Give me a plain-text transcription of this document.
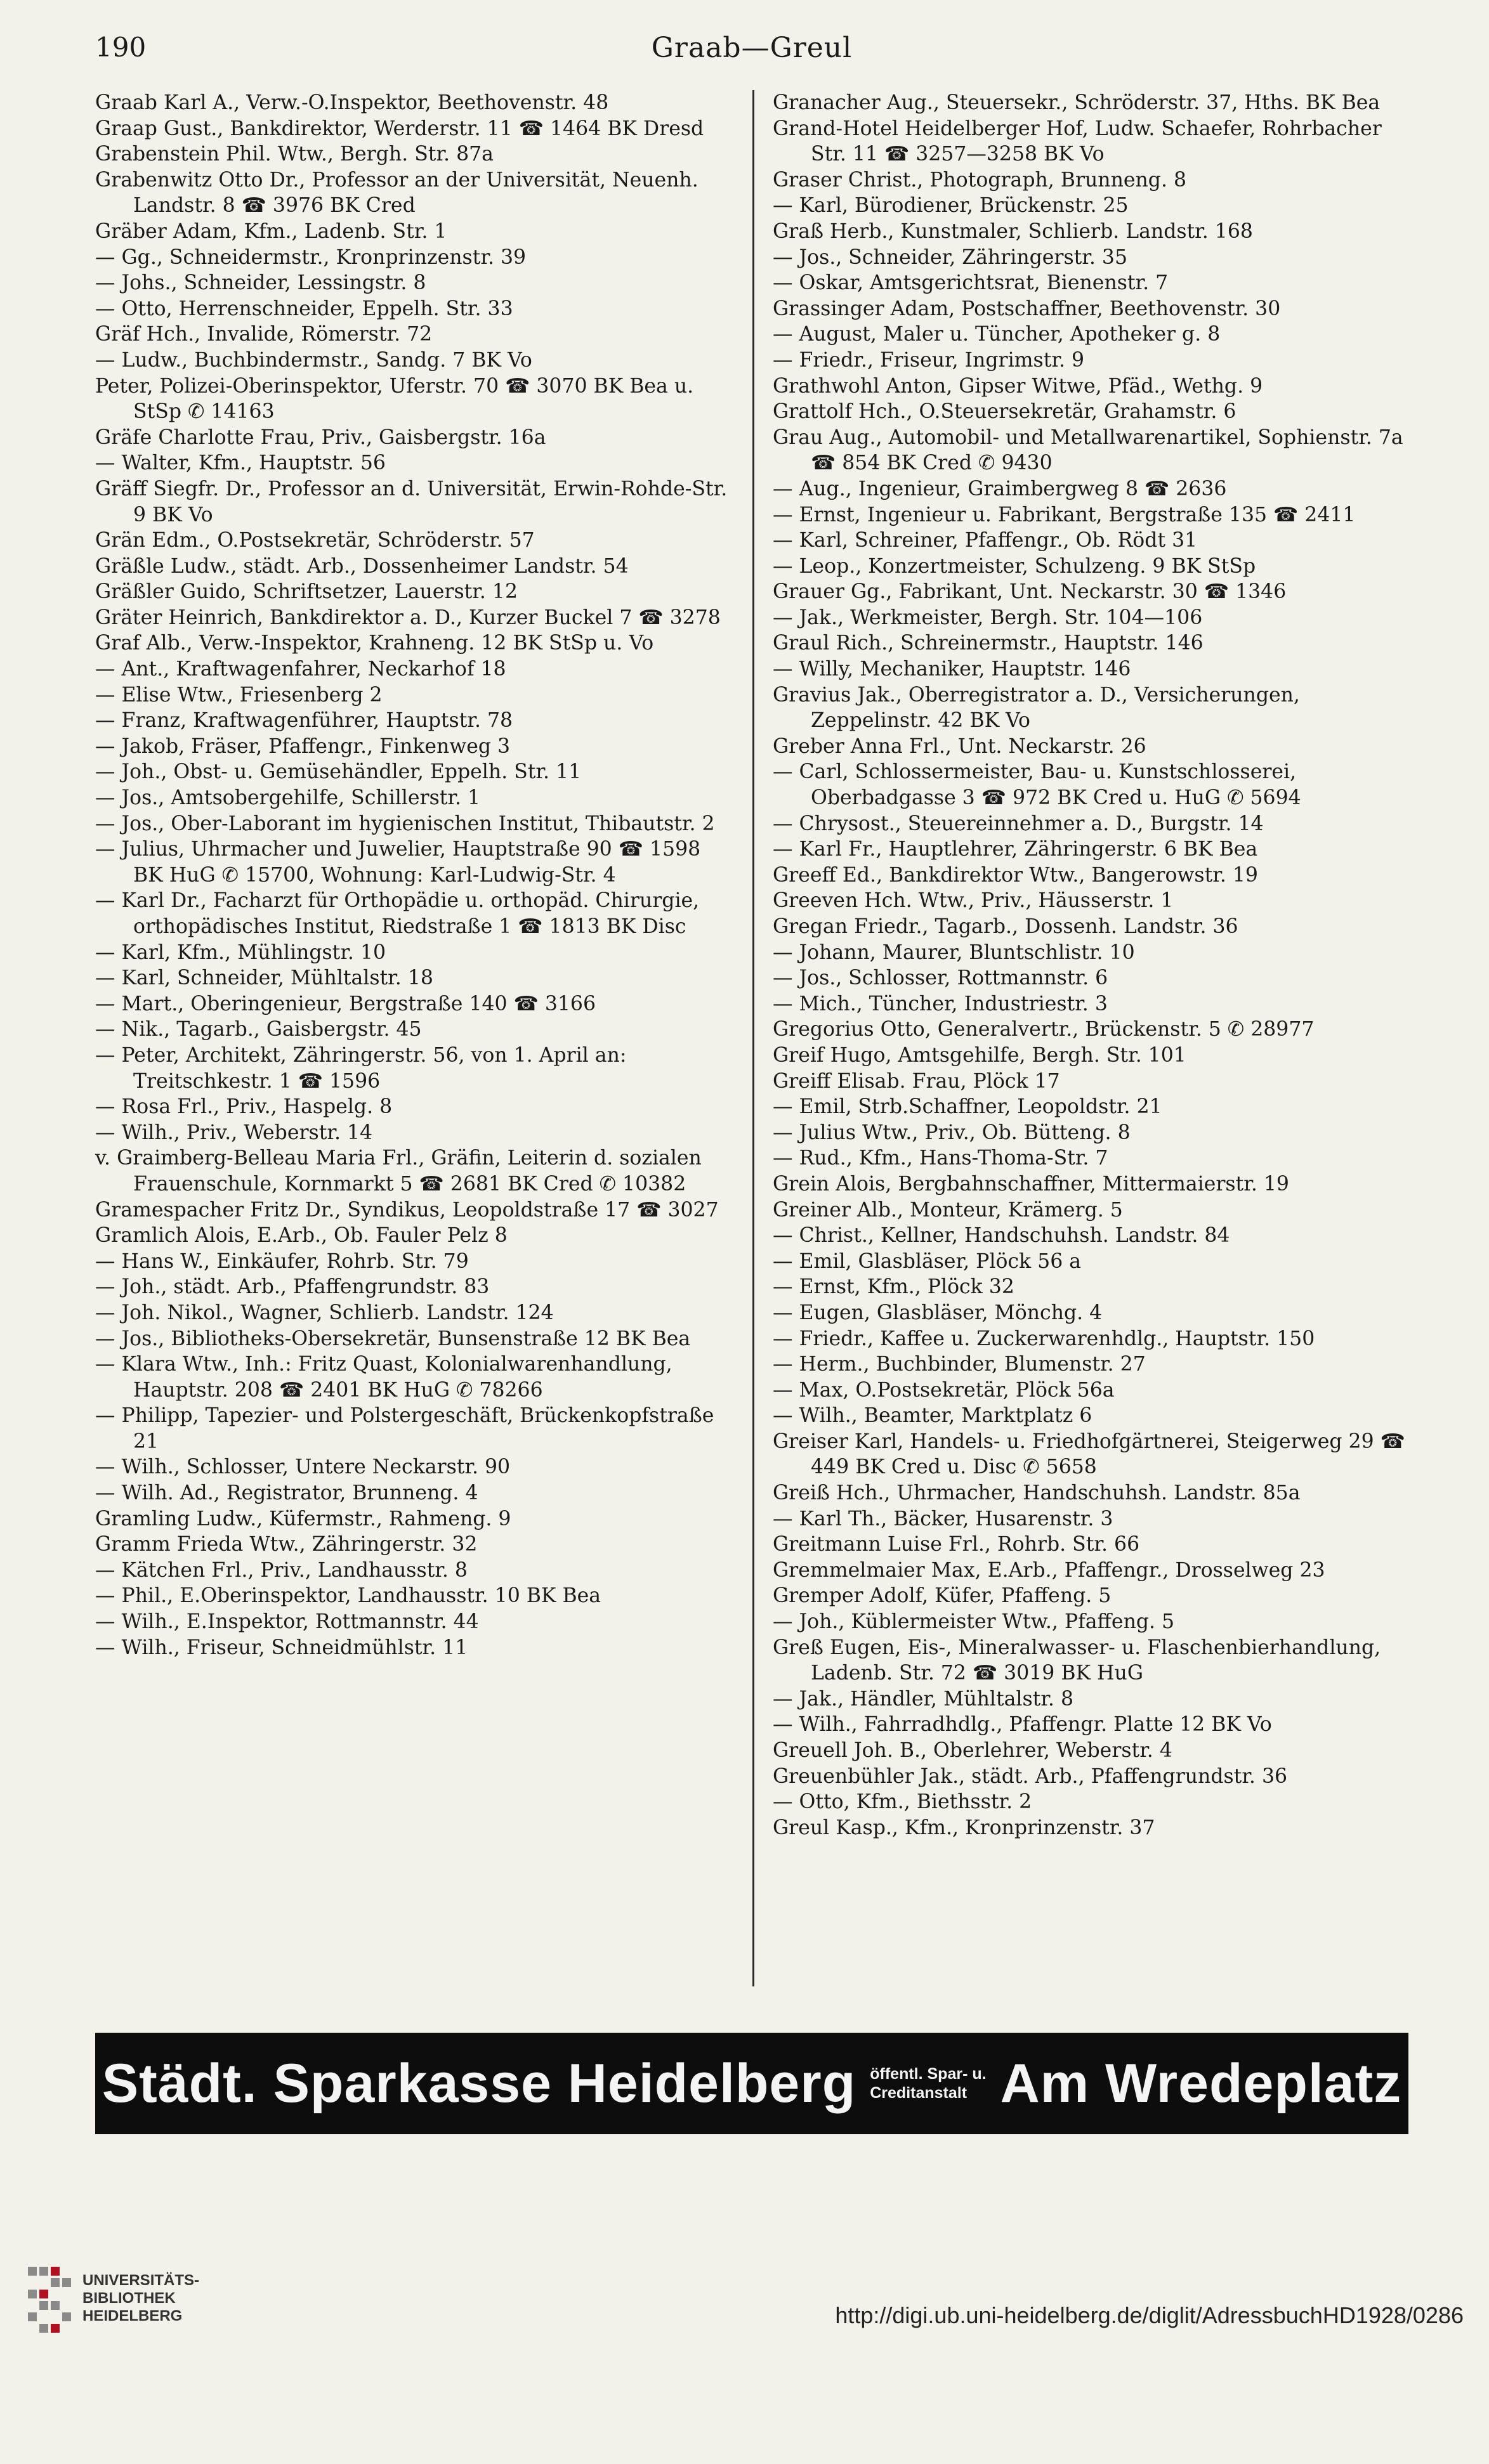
190	Graab—Greul
Graab Karl A., Verw.-O.Inspektor, Beethovenstr. 48
Graap Gust., Bankdirektor, Werderstr. 11 ☎ 1464 BK Dresd
Grabenstein Phil. Wtw., Bergh. Str. 87a
Grabenwitz Otto Dr., Professor an der Universität, Neuenh. Landstr. 8 ☎ 3976 BK Cred
Gräber Adam, Kfm., Ladenb. Str. 1
— Gg., Schneidermstr., Kronprinzenstr. 39
— Johs., Schneider, Lessingstr. 8
— Otto, Herrenschneider, Eppelh. Str. 33
Gräf Hch., Invalide, Römerstr. 72
— Ludw., Buchbindermstr., Sandg. 7 BK Vo
Peter, Polizei-Oberinspektor, Uferstr. 70 ☎ 3070 BK Bea u. StSp ✆ 14163
Gräfe Charlotte Frau, Priv., Gaisbergstr. 16a
— Walter, Kfm., Hauptstr. 56
Gräff Siegfr. Dr., Professor an d. Universität, Erwin-Rohde-Str. 9 BK Vo
Grän Edm., O.Postsekretär, Schröderstr. 57
Gräßle Ludw., städt. Arb., Dossenheimer Landstr. 54
Gräßler Guido, Schriftsetzer, Lauerstr. 12
Gräter Heinrich, Bankdirektor a. D., Kurzer Buckel 7 ☎ 3278
Graf Alb., Verw.-Inspektor, Krahneng. 12 BK StSp u. Vo
— Ant., Kraftwagenfahrer, Neckarhof 18
— Elise Wtw., Friesenberg 2
— Franz, Kraftwagenführer, Hauptstr. 78
— Jakob, Fräser, Pfaffengr., Finkenweg 3
— Joh., Obst- u. Gemüsehändler, Eppelh. Str. 11
— Jos., Amtsobergehilfe, Schillerstr. 1
— Jos., Ober-Laborant im hygienischen Institut, Thibautstr. 2
— Julius, Uhrmacher und Juwelier, Hauptstraße 90 ☎ 1598 BK HuG ✆ 15700, Wohnung: Karl-Ludwig-Str. 4
— Karl Dr., Facharzt für Orthopädie u. orthopäd. Chirurgie, orthopädisches Institut, Riedstraße 1 ☎ 1813 BK Disc
— Karl, Kfm., Mühlingstr. 10
— Karl, Schneider, Mühltalstr. 18
— Mart., Oberingenieur, Bergstraße 140 ☎ 3166
— Nik., Tagarb., Gaisbergstr. 45
— Peter, Architekt, Zähringerstr. 56, von 1. April an: Treitschkestr. 1 ☎ 1596
— Rosa Frl., Priv., Haspelg. 8
— Wilh., Priv., Weberstr. 14
v. Graimberg-Belleau Maria Frl., Gräfin, Leiterin d. sozialen Frauenschule, Kornmarkt 5 ☎ 2681 BK Cred ✆ 10382
Gramespacher Fritz Dr., Syndikus, Leopoldstraße 17 ☎ 3027
Gramlich Alois, E.Arb., Ob. Fauler Pelz 8
— Hans W., Einkäufer, Rohrb. Str. 79
— Joh., städt. Arb., Pfaffengrundstr. 83
— Joh. Nikol., Wagner, Schlierb. Landstr. 124
— Jos., Bibliotheks-Obersekretär, Bunsenstraße 12 BK Bea
— Klara Wtw., Inh.: Fritz Quast, Kolonialwarenhandlung, Hauptstr. 208 ☎ 2401 BK HuG ✆ 78266
— Philipp, Tapezier- und Polstergeschäft, Brückenkopfstraße 21
— Wilh., Schlosser, Untere Neckarstr. 90
— Wilh. Ad., Registrator, Brunneng. 4
Gramling Ludw., Küfermstr., Rahmeng. 9
Gramm Frieda Wtw., Zähringerstr. 32
— Kätchen Frl., Priv., Landhausstr. 8
— Phil., E.Oberinspektor, Landhausstr. 10 BK Bea
— Wilh., E.Inspektor, Rottmannstr. 44
— Wilh., Friseur, Schneidmühlstr. 11
Granacher Aug., Steuersekr., Schröderstr. 37, Hths. BK Bea
Grand-Hotel Heidelberger Hof, Ludw. Schaefer, Rohrbacher Str. 11 ☎ 3257—3258 BK Vo
Graser Christ., Photograph, Brunneng. 8
— Karl, Bürodiener, Brückenstr. 25
Graß Herb., Kunstmaler, Schlierb. Landstr. 168
— Jos., Schneider, Zähringerstr. 35
— Oskar, Amtsgerichtsrat, Bienenstr. 7
Grassinger Adam, Postschaffner, Beethovenstr. 30
— August, Maler u. Tüncher, Apotheker g. 8
— Friedr., Friseur, Ingrimstr. 9
Grathwohl Anton, Gipser Witwe, Pfäd., Wethg. 9
Grattolf Hch., O.Steuersekretär, Grahamstr. 6
Grau Aug., Automobil- und Metallwarenartikel, Sophienstr. 7a ☎ 854 BK Cred ✆ 9430
— Aug., Ingenieur, Graimbergweg 8 ☎ 2636
— Ernst, Ingenieur u. Fabrikant, Bergstraße 135 ☎ 2411
— Karl, Schreiner, Pfaffengr., Ob. Rödt 31
— Leop., Konzertmeister, Schulzeng. 9 BK StSp
Grauer Gg., Fabrikant, Unt. Neckarstr. 30 ☎ 1346
— Jak., Werkmeister, Bergh. Str. 104—106
Graul Rich., Schreinermstr., Hauptstr. 146
— Willy, Mechaniker, Hauptstr. 146
Gravius Jak., Oberregistrator a. D., Versicherungen, Zeppelinstr. 42 BK Vo
Greber Anna Frl., Unt. Neckarstr. 26
— Carl, Schlossermeister, Bau- u. Kunstschlosserei, Oberbadgasse 3 ☎ 972 BK Cred u. HuG ✆ 5694
— Chrysost., Steuereinnehmer a. D., Burgstr. 14
— Karl Fr., Hauptlehrer, Zähringerstr. 6 BK Bea
Greeff Ed., Bankdirektor Wtw., Bangerowstr. 19
Greeven Hch. Wtw., Priv., Häusserstr. 1
Gregan Friedr., Tagarb., Dossenh. Landstr. 36
— Johann, Maurer, Bluntschlistr. 10
— Jos., Schlosser, Rottmannstr. 6
— Mich., Tüncher, Industriestr. 3
Gregorius Otto, Generalvertr., Brückenstr. 5 ✆ 28977
Greif Hugo, Amtsgehilfe, Bergh. Str. 101
Greiff Elisab. Frau, Plöck 17
— Emil, Strb.Schaffner, Leopoldstr. 21
— Julius Wtw., Priv., Ob. Bütteng. 8
— Rud., Kfm., Hans-Thoma-Str. 7
Grein Alois, Bergbahnschaffner, Mittermaierstr. 19
Greiner Alb., Monteur, Krämerg. 5
— Christ., Kellner, Handschuhsh. Landstr. 84
— Emil, Glasbläser, Plöck 56 a
— Ernst, Kfm., Plöck 32
— Eugen, Glasbläser, Mönchg. 4
— Friedr., Kaffee u. Zuckerwarenhdlg., Hauptstr. 150
— Herm., Buchbinder, Blumenstr. 27
— Max, O.Postsekretär, Plöck 56a
— Wilh., Beamter, Marktplatz 6
Greiser Karl, Handels- u. Friedhofgärtnerei, Steigerweg 29 ☎ 449 BK Cred u. Disc ✆ 5658
Greiß Hch., Uhrmacher, Handschuhsh. Landstr. 85a
— Karl Th., Bäcker, Husarenstr. 3
Greitmann Luise Frl., Rohrb. Str. 66
Gremmelmaier Max, E.Arb., Pfaffengr., Drosselweg 23
Gremper Adolf, Küfer, Pfaffeng. 5
— Joh., Küblermeister Wtw., Pfaffeng. 5
Greß Eugen, Eis-, Mineralwasser- u. Flaschenbierhandlung, Ladenb. Str. 72 ☎ 3019 BK HuG
— Jak., Händler, Mühltalstr. 8
— Wilh., Fahrradhdlg., Pfaffengr. Platte 12 BK Vo
Greuell Joh. B., Oberlehrer, Weberstr. 4
Greuenbühler Jak., städt. Arb., Pfaffengrundstr. 36
— Otto, Kfm., Biethsstr. 2
Greul Kasp., Kfm., Kronprinzenstr. 37
Städt. Sparkasse Heidelberg öffentl. Spar- u.
Creditanstalt Am Wredeplatz
UNIVERSITÄTS-
BIBLIOTHEK
HEIDELBERG	http://digi.ub.uni-heidelberg.de/diglit/AdressbuchHD1928/0286
